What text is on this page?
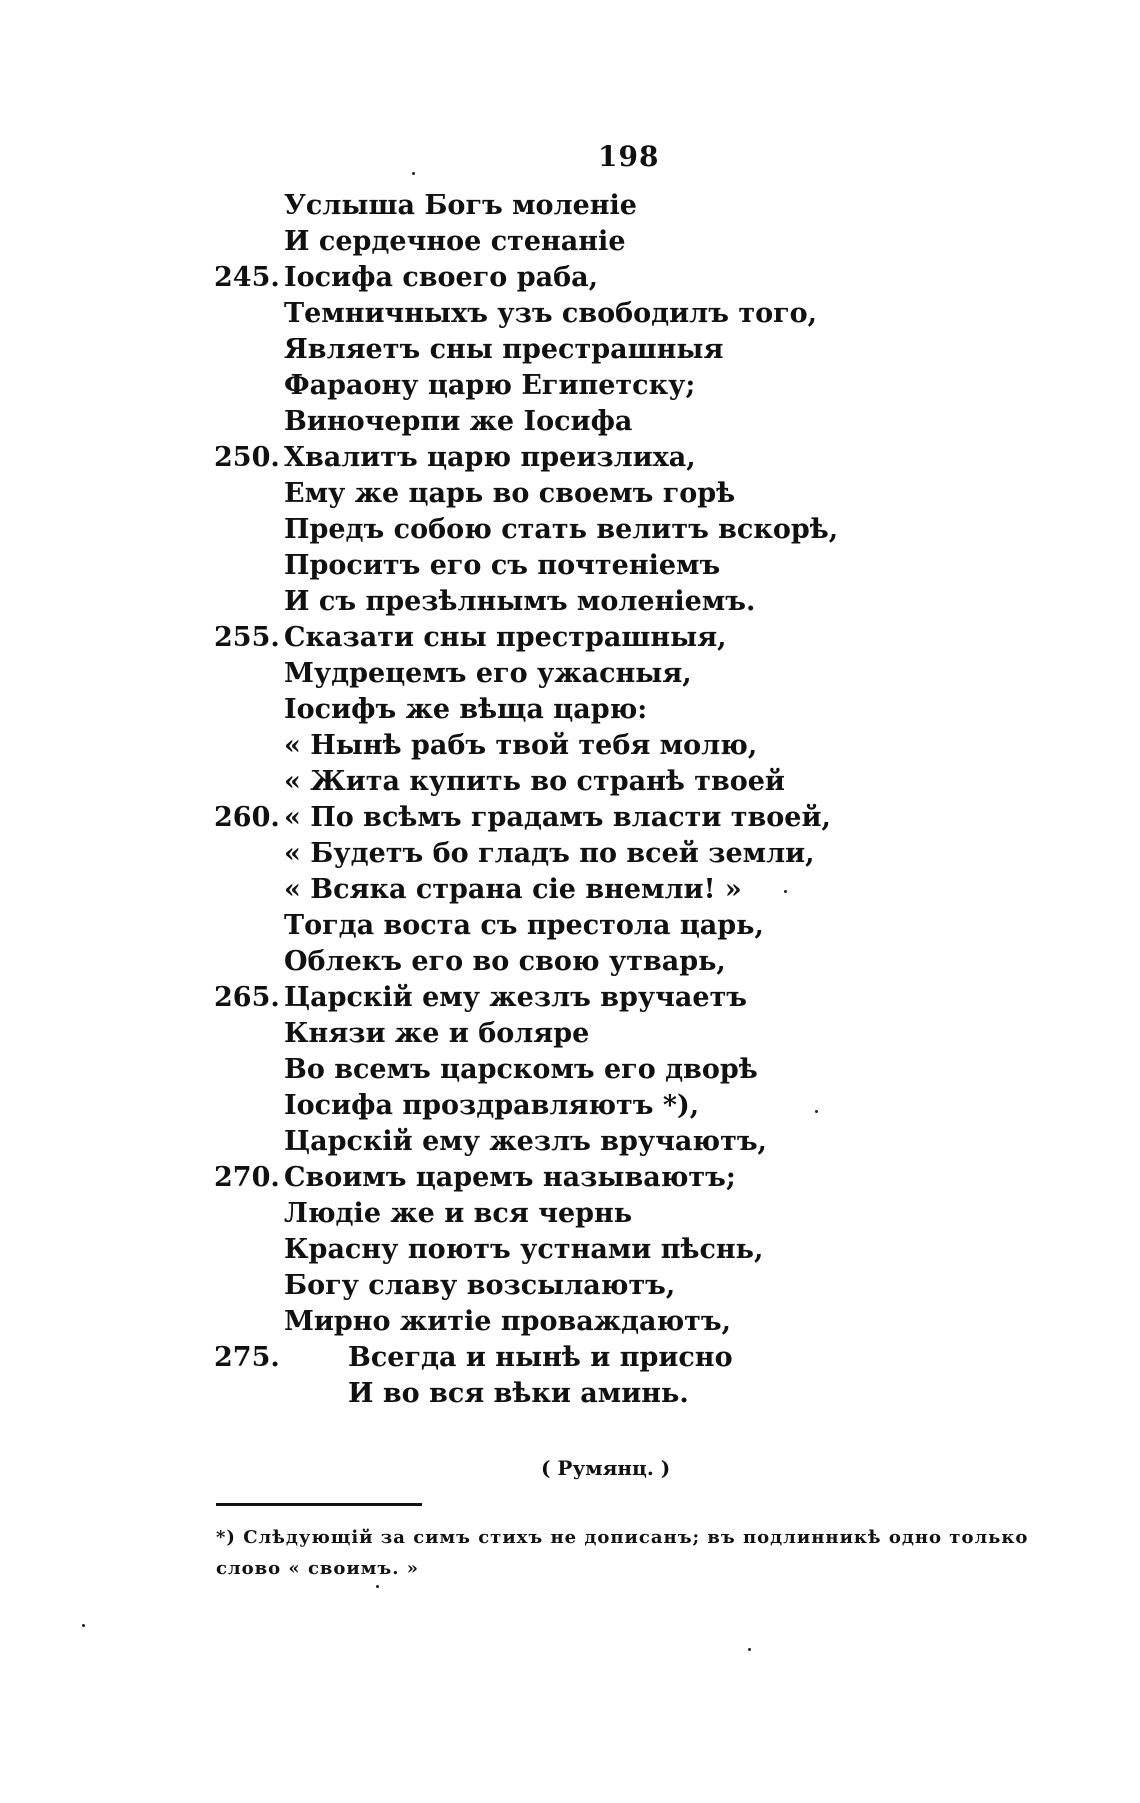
198
Услыша Богъ моленіе
И сердечное стенаніе
245. Іосифа своего раба,
Темничныхъ узъ свободилъ того,
Являетъ сны престрашныя
Фараону царю Египетску;
Виночерпи же Іосифа
250. Хвалитъ царю преизлиха,
Ему же царь во своемъ горѣ
Предъ собою стать велитъ вскорѣ,
Проситъ его съ почтеніемъ
И съ презѣлнымъ моленіемъ.
255. Сказати сны престрашныя,
Мудрецемъ его ужасныя,
Іосифъ же вѣща царю:
« Нынѣ рабъ твой тебя молю,
« Жита купить во странѣ твоей
260. « По всѣмъ градамъ власти твоей,
« Будетъ бо гладъ по всей земли,
« Всяка страна сіе внемли! »
Тогда воста съ престола царь,
Облекъ его во свою утварь,
265. Царскій ему жезлъ вручаетъ
Князи же и боляре
Во всемъ царскомъ его дворѣ
Іосифа проздравляютъ *),
Царскій ему жезлъ вручаютъ,
270. Своимъ царемъ называютъ;
Людіе же и вся чернь
Красну поютъ устнами пѣснь,
Богу славу возсылаютъ,
Мирно житіе проваждаютъ,
275.	Всегда и нынѣ и присно
И во вся вѣки аминь.
( Румянц. )
*) Слѣдующій за симъ стихъ не дописанъ; въ подлинникѣ одно только
слово « своимъ. »
